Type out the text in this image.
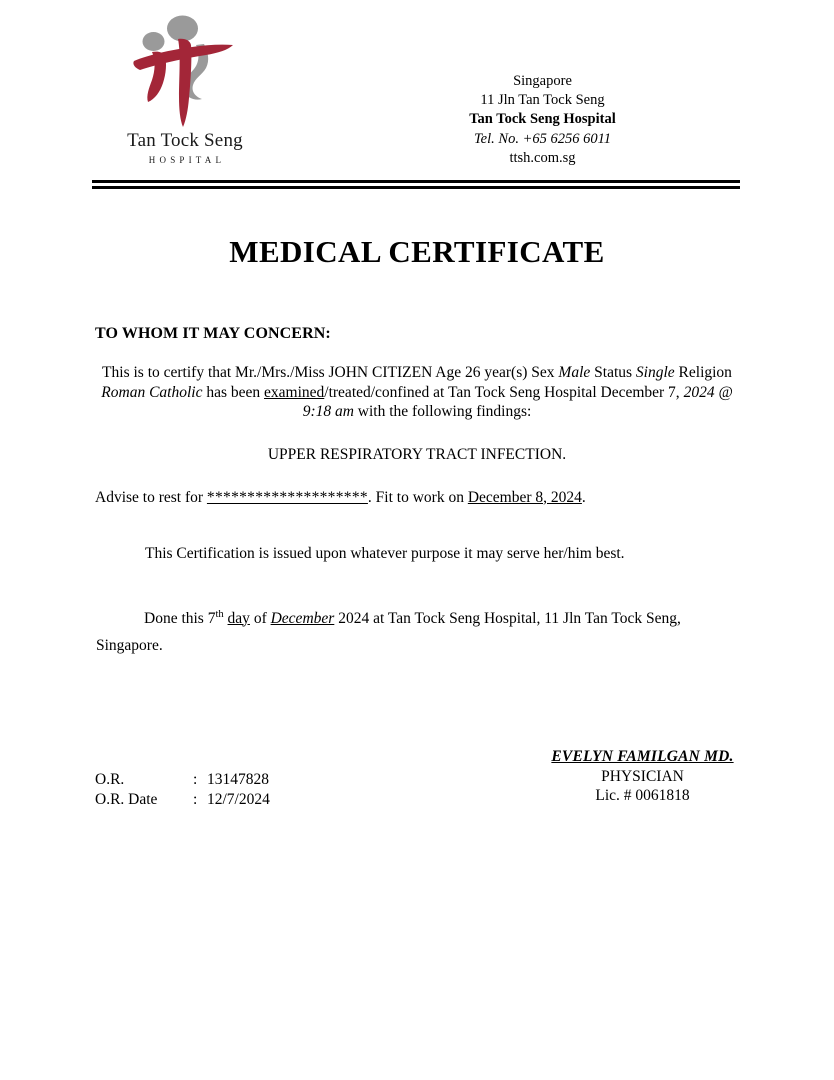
Tan Tock Seng
HOSPITAL
Singapore
11 Jln Tan Tock Seng
Tan Tock Seng Hospital
Tel. No. +65 6256 6011
ttsh.com.sg
MEDICAL CERTIFICATE
TO WHOM IT MAY CONCERN:
This is to certify that Mr./Mrs./Miss JOHN CITIZEN Age 26 year(s) Sex Male Status Single Religion Roman Catholic has been examined/treated/confined at Tan Tock Seng Hospital December 7, 2024 @ 9:18 am with the following findings:
UPPER RESPIRATORY TRACT INFECTION.
Advise to rest for ********************. Fit to work on December 8, 2024.
This Certification is issued upon whatever purpose it may serve her/him best.
Done this 7th day of December 2024 at Tan Tock Seng Hospital, 11 Jln Tan Tock Seng, Singapore.
O.R.	:	13147828
O.R. Date	:	12/7/2024
EVELYN FAMILGAN MD.
PHYSICIAN
Lic. # 0061818
